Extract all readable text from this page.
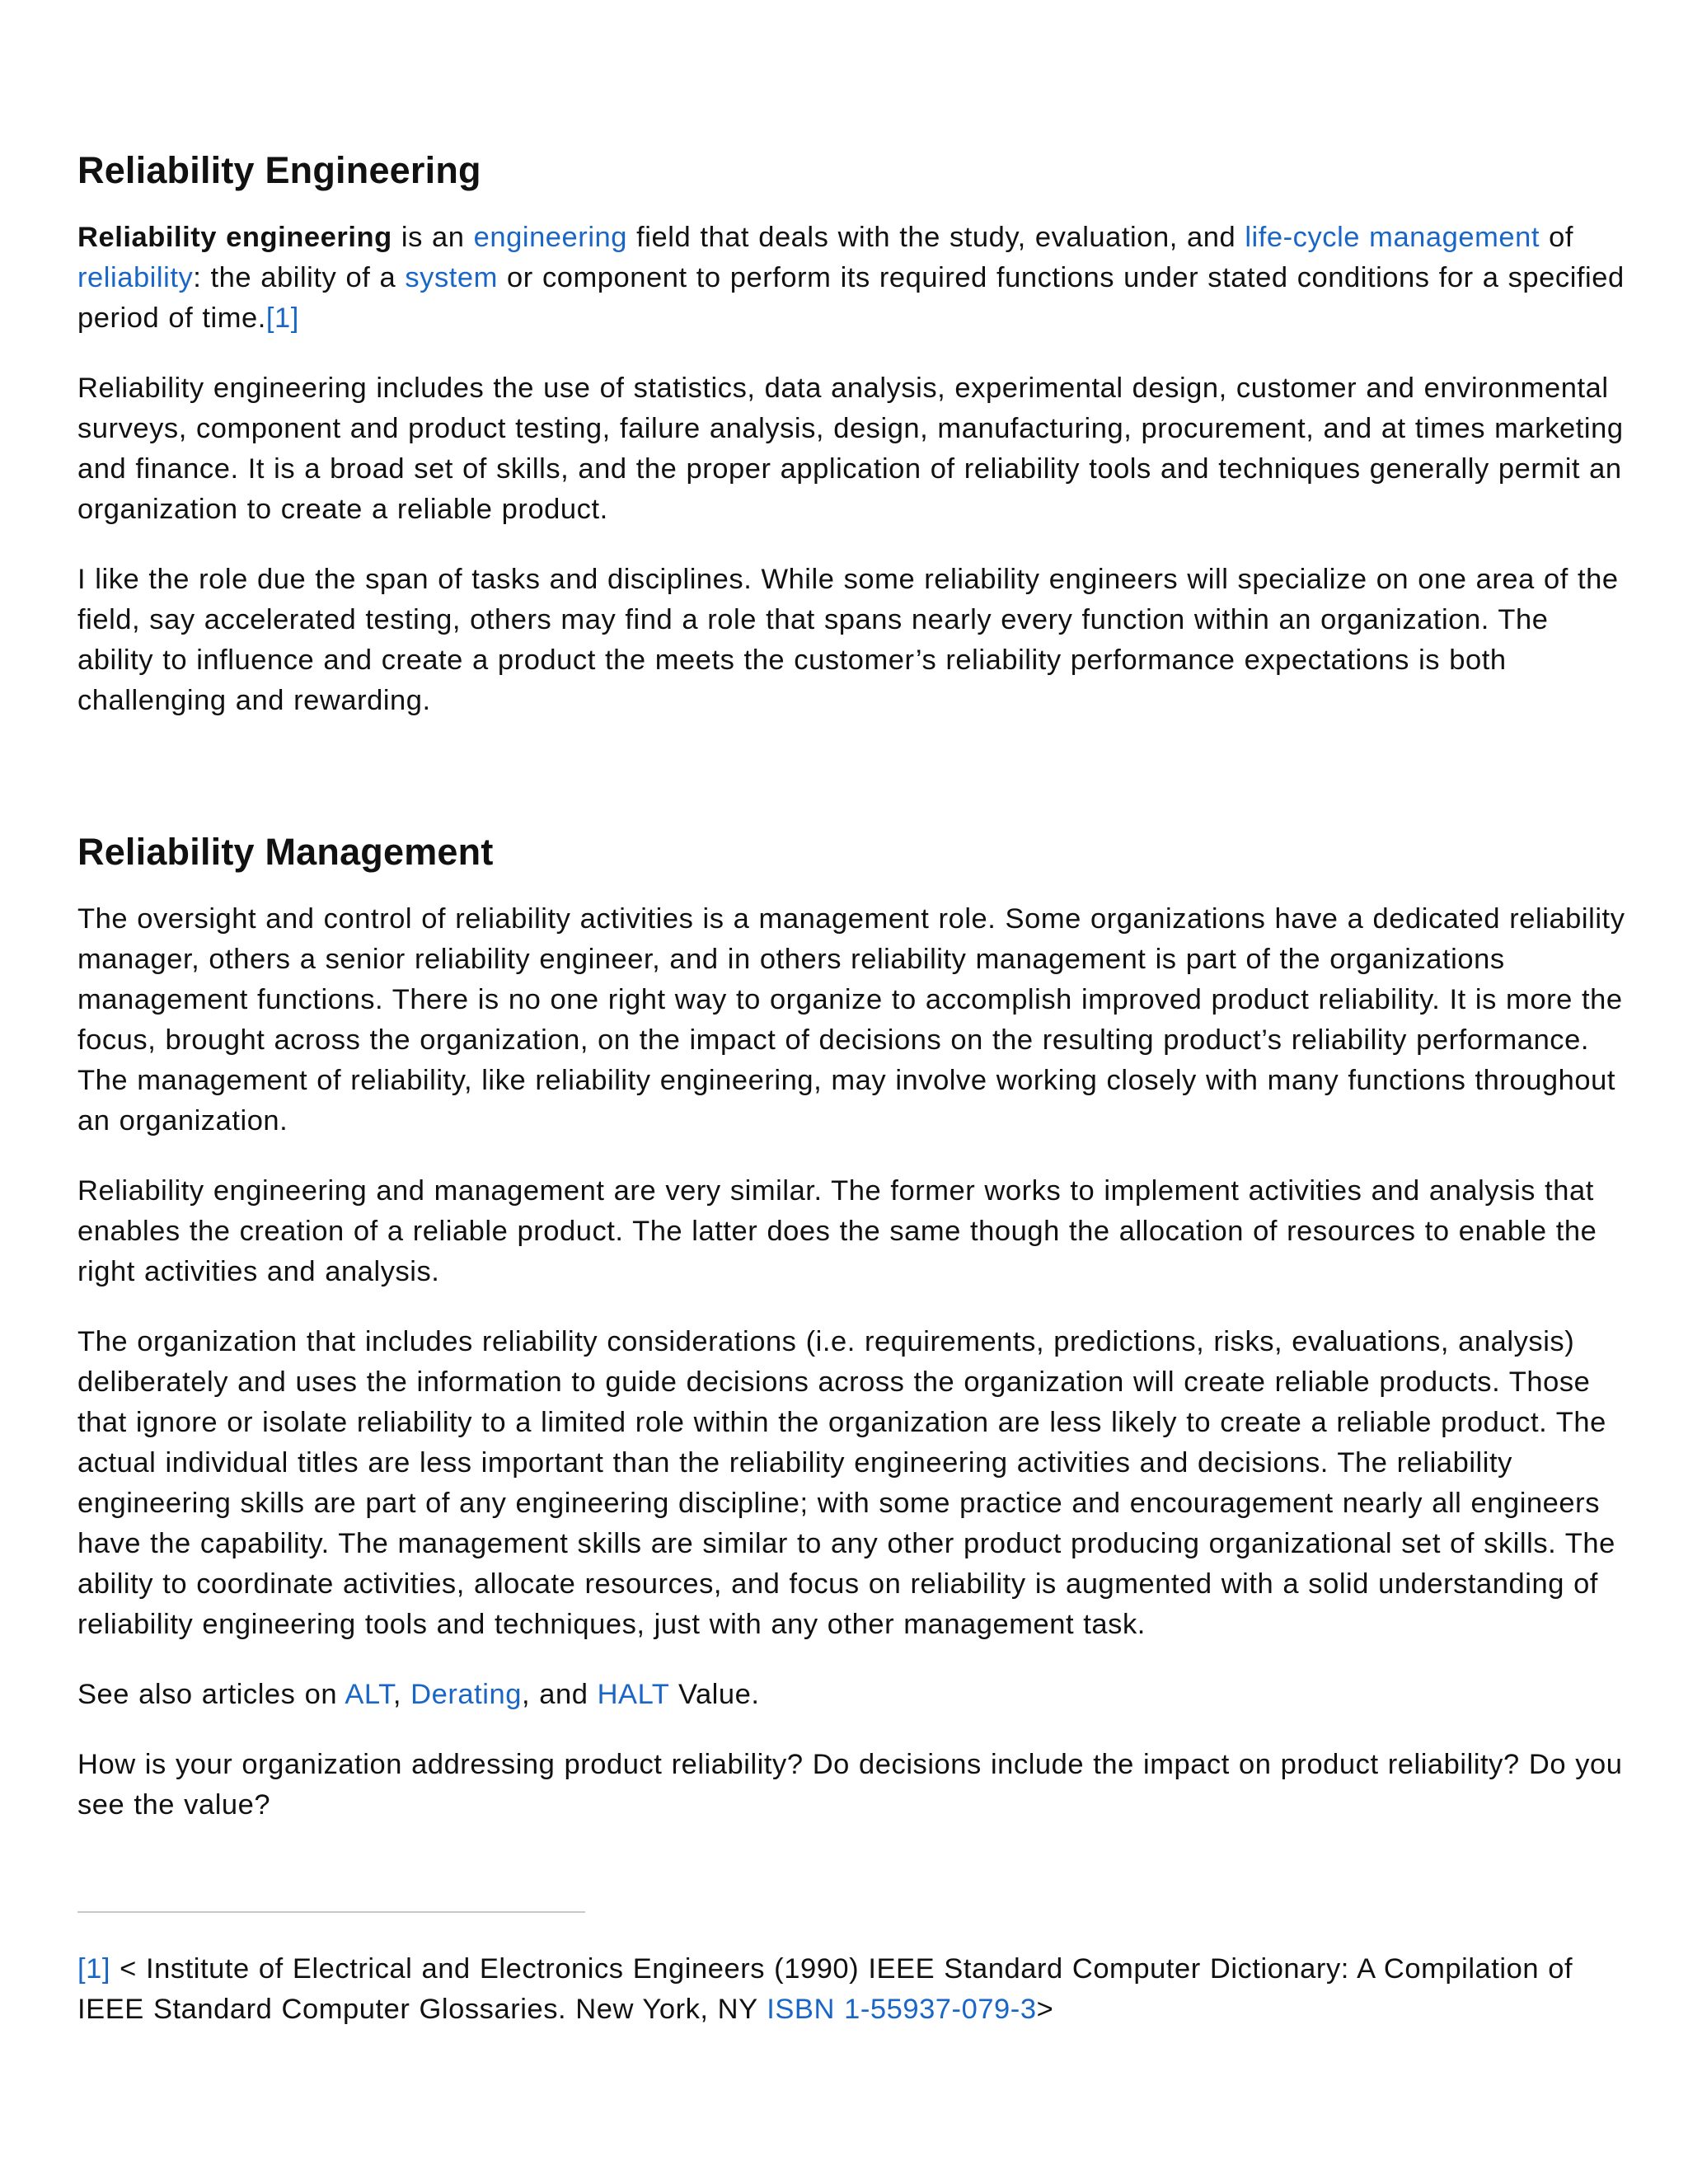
Reliability Engineering

Reliability engineering is an engineering field that deals with the study, evaluation, and life-cycle management of reliability: the ability of a system or component to perform its required functions under stated conditions for a specified period of time.[1]

Reliability engineering includes the use of statistics, data analysis, experimental design, customer and environmental surveys, component and product testing, failure analysis, design, manufacturing, procurement, and at times marketing and finance. It is a broad set of skills, and the proper application of reliability tools and techniques generally permit an organization to create a reliable product.

I like the role due the span of tasks and disciplines. While some reliability engineers will specialize on one area of the field, say accelerated testing, others may find a role that spans nearly every function within an organization. The ability to influence and create a product the meets the customer’s reliability performance expectations is both challenging and rewarding.

Reliability Management

The oversight and control of reliability activities is a management role. Some organizations have a dedicated reliability manager, others a senior reliability engineer, and in others reliability management is part of the organizations management functions. There is no one right way to organize to accomplish improved product reliability. It is more the focus, brought across the organization, on the impact of decisions on the resulting product’s reliability performance. The management of reliability, like reliability engineering, may involve working closely with many functions throughout an organization.

Reliability engineering and management are very similar. The former works to implement activities and analysis that enables the creation of a reliable product. The latter does the same though the allocation of resources to enable the right activities and analysis.

The organization that includes reliability considerations (i.e. requirements, predictions, risks, evaluations, analysis) deliberately and uses the information to guide decisions across the organization will create reliable products. Those that ignore or isolate reliability to a limited role within the organization are less likely to create a reliable product. The actual individual titles are less important than the reliability engineering activities and decisions. The reliability engineering skills are part of any engineering discipline; with some practice and encouragement nearly all engineers have the capability. The management skills are similar to any other product producing organizational set of skills. The ability to coordinate activities, allocate resources, and focus on reliability is augmented with a solid understanding of reliability engineering tools and techniques, just with any other management task.

See also articles on ALT, Derating, and HALT Value.

How is your organization addressing product reliability? Do decisions include the impact on product reliability? Do you see the value?

[1] < Institute of Electrical and Electronics Engineers (1990) IEEE Standard Computer Dictionary: A Compilation of IEEE Standard Computer Glossaries. New York, NY ISBN 1-55937-079-3>
